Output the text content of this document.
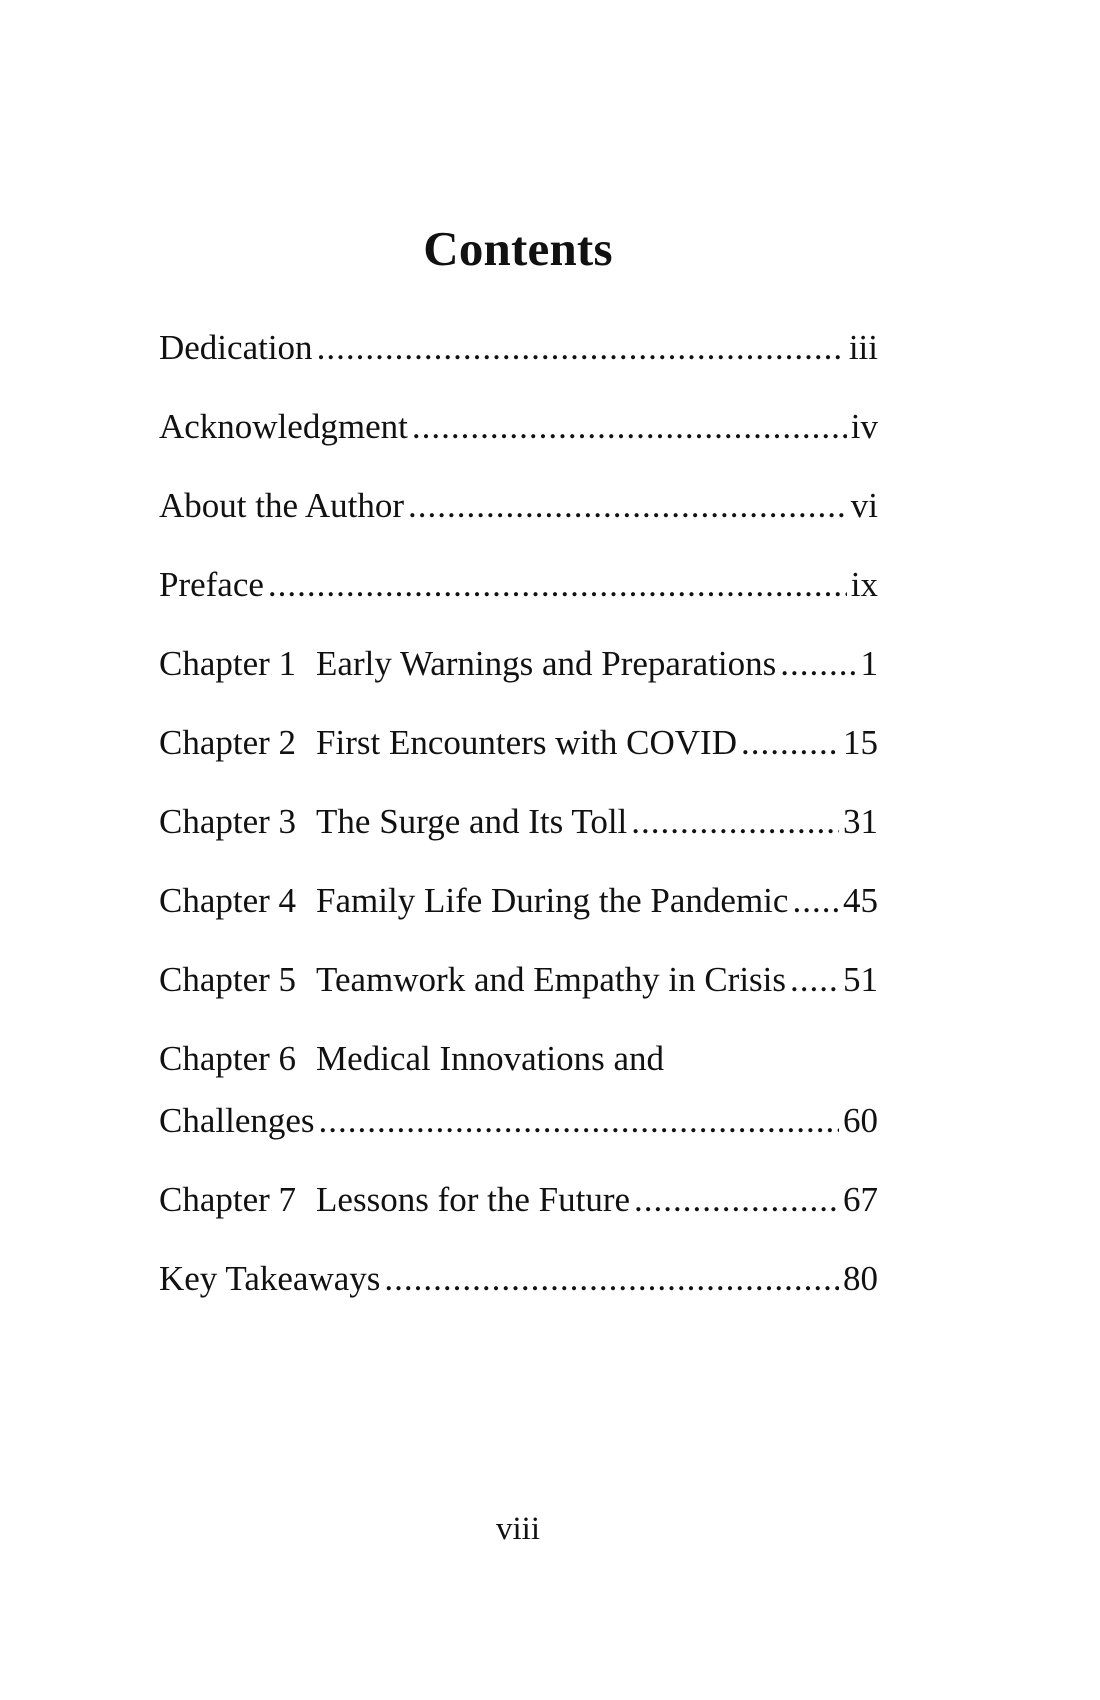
Contents
Dedication .....	iii
Acknowledgment .....	iv
About the Author .....	vi
Preface .....	ix
Chapter 1 Early Warnings and Preparations ..... 1
Chapter 2 First Encounters with COVID .....	15
Chapter 3 The Surge and Its Toll .....	31
Chapter 4 Family Life During the Pandemic ..... 45
Chapter 5 Teamwork and Empathy in Crisis ..... 51
Chapter 6 Medical Innovations and
Challenges .....	60
Chapter 7 Lessons for the Future .....	67
Key Takeaways .....	80
viii
